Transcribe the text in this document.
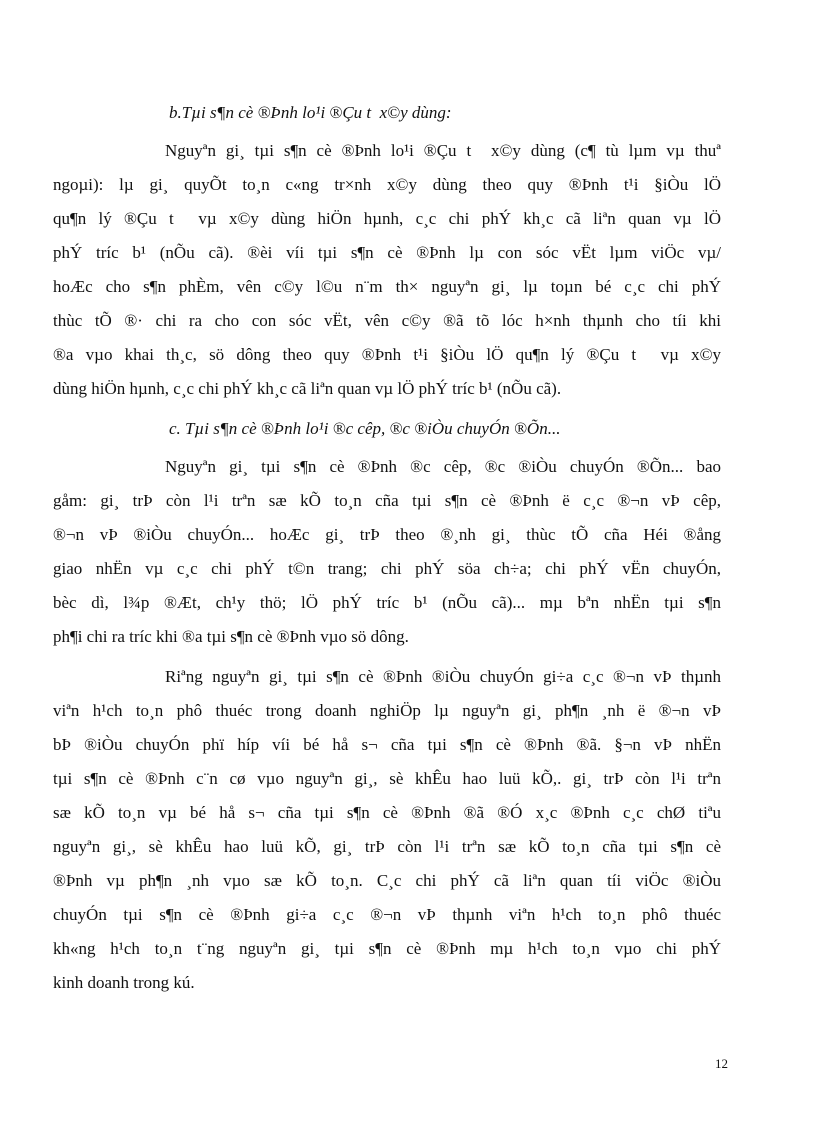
b.Tµi s¶n cè ®Þnh lo¹i ®Çu t  x©y dùng:
Nguyªn gi¸ tµi s¶n cè ®Þnh lo¹i ®Çu t  x©y dùng (c¶ tù lµm vµ thuª
ngoµi): lµ gi¸ quyÕt to¸n c«ng tr×nh x©y dùng theo quy ®Þnh t¹i §iÒu lÖ
qu¶n lý ®Çu t  vµ x©y dùng hiÖn hµnh, c¸c chi phÝ kh¸c cã liªn quan vµ lÖ
phÝ tríc b¹ (nÕu cã). ®èi víi tµi s¶n cè ®Þnh lµ con sóc vËt lµm viÖc vµ/
hoÆc cho s¶n phÈm, vên c©y l©u n¨m th× nguyªn gi¸ lµ toµn bé c¸c chi phÝ
thùc tÕ ®· chi ra cho con sóc vËt, vên c©y ®ã tõ lóc h×nh thµnh cho tíi khi
®a vµo khai th¸c, sö dông theo quy ®Þnh t¹i §iÒu lÖ qu¶n lý ®Çu t  vµ x©y
dùng hiÖn hµnh, c¸c chi phÝ kh¸c cã liªn quan vµ lÖ phÝ tríc b¹ (nÕu cã).
c. Tµi s¶n cè ®Þnh lo¹i ®c cêp, ®c ®iÒu chuyÓn ®Õn...
Nguyªn gi¸ tµi s¶n cè ®Þnh ®c cêp, ®c ®iÒu chuyÓn ®Õn... bao
gåm: gi¸ trÞ còn l¹i trªn sæ kÕ to¸n cña tµi s¶n cè ®Þnh ë c¸c ®¬n vÞ cêp,
®¬n vÞ ®iÒu chuyÓn... hoÆc gi¸ trÞ theo ®¸nh gi¸ thùc tÕ cña Héi ®ång
giao nhËn vµ c¸c chi phÝ t©n trang; chi phÝ söa ch÷a; chi phÝ vËn chuyÓn,
bèc dì, l¾p ®Æt, ch¹y thö; lÖ phÝ tríc b¹ (nÕu cã)... mµ bªn nhËn tµi s¶n
ph¶i chi ra tríc khi ®a tµi s¶n cè ®Þnh vµo sö dông.
Riªng nguyªn gi¸ tµi s¶n cè ®Þnh ®iÒu chuyÓn gi÷a c¸c ®¬n vÞ thµnh
viªn h¹ch to¸n phô thuéc trong doanh nghiÖp lµ nguyªn gi¸ ph¶n ¸nh ë ®¬n vÞ
bÞ ®iÒu chuyÓn phï híp víi bé hå s¬ cña tµi s¶n cè ®Þnh ®ã. §¬n vÞ nhËn
tµi s¶n cè ®Þnh c¨n cø vµo nguyªn gi¸, sè khÊu hao luü kÕ,. gi¸ trÞ còn l¹i trªn
sæ kÕ to¸n vµ bé hå s¬ cña tµi s¶n cè ®Þnh ®ã ®Ó x¸c ®Þnh c¸c chØ tiªu
nguyªn gi¸, sè khÊu hao luü kÕ, gi¸ trÞ còn l¹i trªn sæ kÕ to¸n cña tµi s¶n cè
®Þnh vµ ph¶n ¸nh vµo sæ kÕ to¸n. C¸c chi phÝ cã liªn quan tíi viÖc ®iÒu
chuyÓn tµi s¶n cè ®Þnh gi÷a c¸c ®¬n vÞ thµnh viªn h¹ch to¸n phô thuéc
kh«ng h¹ch to¸n t¨ng nguyªn gi¸ tµi s¶n cè ®Þnh mµ h¹ch to¸n vµo chi phÝ
kinh doanh trong kú.
12
